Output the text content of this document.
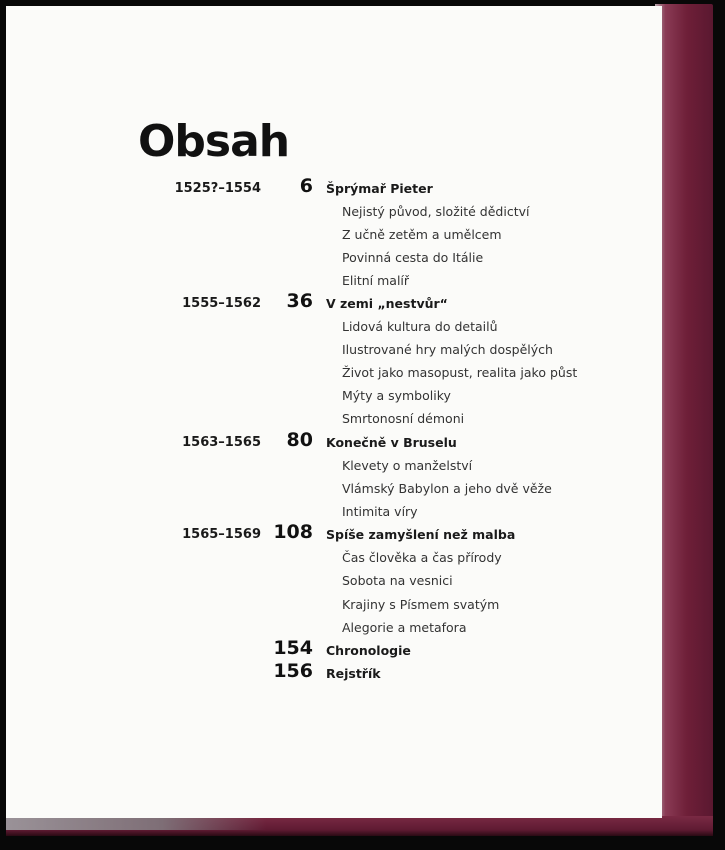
Obsah
1525?–1554	6 Šprýmař Pieter
Nejistý původ, složité dědictví
Z učně zetěm a umělcem
Povinná cesta do Itálie
Elitní malíř
1555–1562	36 V zemi „nestvůr“
Lidová kultura do detailů
Ilustrované hry malých dospělých
Život jako masopust, realita jako půst
Mýty a symboliky
Smrtonosní démoni
1563–1565	80 Konečně v Bruselu
Klevety o manželství
Vlámský Babylon a jeho dvě věže
Intimita víry
1565–1569 108 Spíše zamyšlení než malba
Čas člověka a čas přírody
Sobota na vesnici
Krajiny s Písmem svatým
Alegorie a metafora
154 Chronologie
156 Rejstřík
